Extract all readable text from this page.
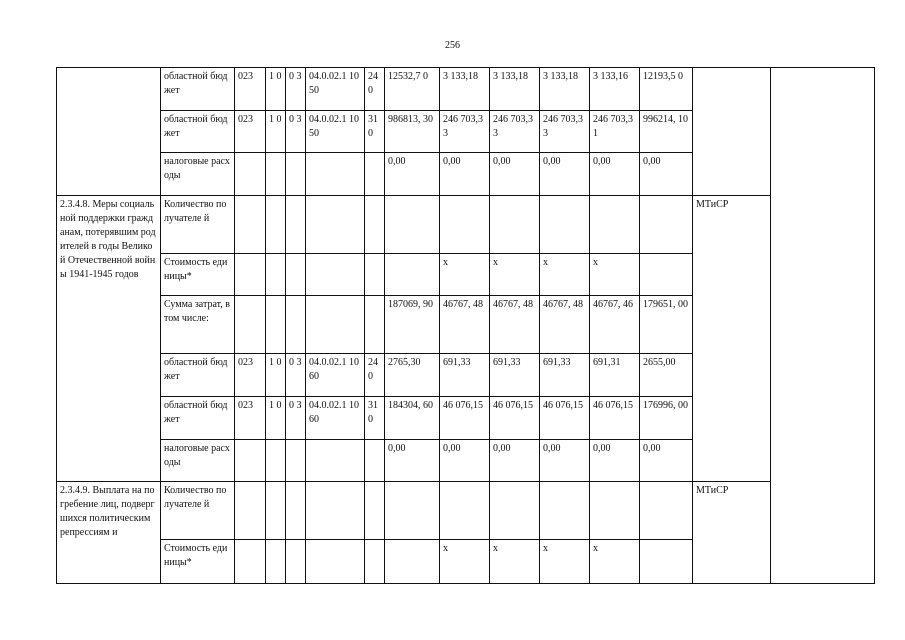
256
	областной бюджет	023	1 0	0 3	04.0.02.1 1050	24 0	12532,7 0	3 133,18	3 133,18	3 133,18	3 133,16	12193,5 0		
	областной бюджет	023	1 0	0 3	04.0.02.1 1050	31 0	986813, 30	246 703,33	246 703,33	246 703,33	246 703,31	996214, 10		
	налоговые расходы						0,00	0,00	0,00	0,00	0,00	0,00		
2.3.4.8. Меры социальной поддержки гражданам, потерявшим родителей в годы Великой Отечественной войны 1941-1945 годов	Количество получателе й												МТиСР	
	Стоимость единицы*							х	х	х	х			
	Сумма затрат, в том числе:						187069, 90	46767, 48	46767, 48	46767, 48	46767, 46	179651, 00		
	областной бюджет	023	1 0	0 3	04.0.02.1 1060	24 0	2765,30	691,33	691,33	691,33	691,31	2655,00		
	областной бюджет	023	1 0	0 3	04.0.02.1 1060	31 0	184304, 60	46 076,15	46 076,15	46 076,15	46 076,15	176996, 00		
	налоговые расходы						0,00	0,00	0,00	0,00	0,00	0,00		
2.3.4.9. Выплата на погребение лиц, подвергшихся политическим репрессиям и	Количество получателе й												МТиСР	
	Стоимость единицы*							х	х	х	х			
